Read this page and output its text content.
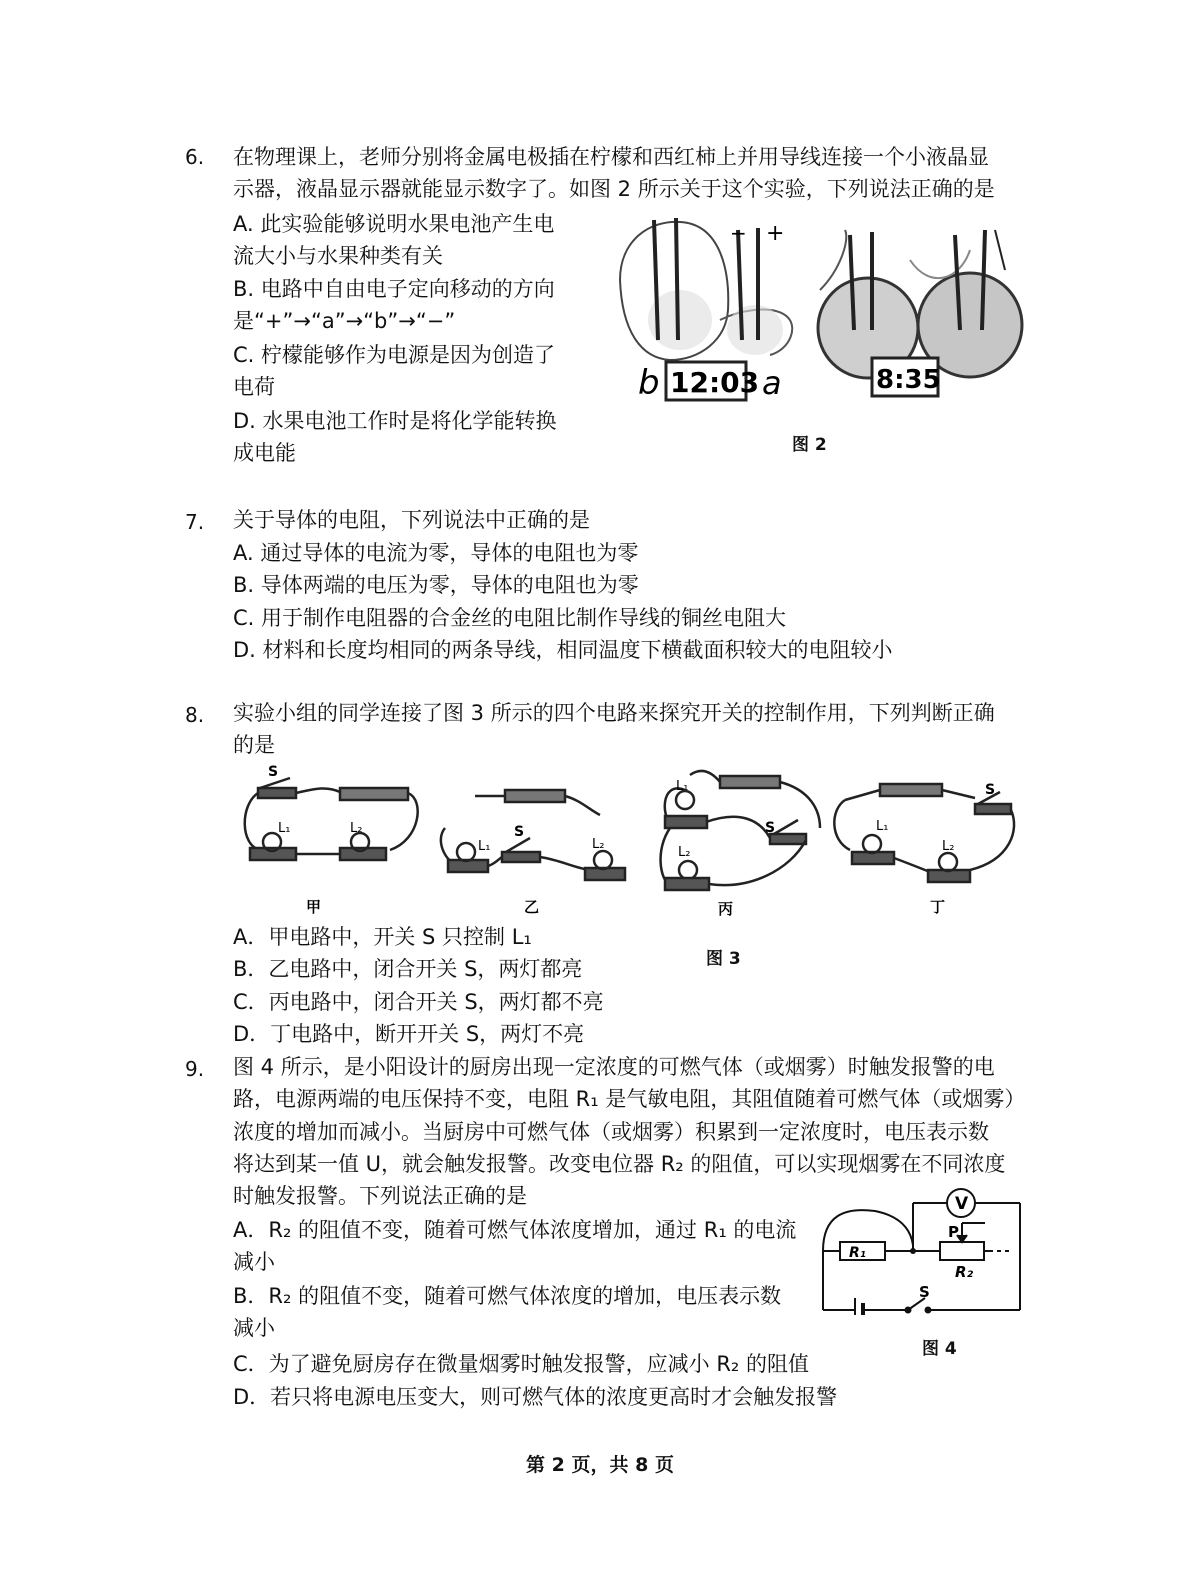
6. 在物理课上，老师分别将金属电极插在柠檬和西红柿上并用导线连接一个小液晶显
示器，液晶显示器就能显示数字了。如图 2 所示关于这个实验，下列说法正确的是
A. 此实验能够说明水果电池产生电
流大小与水果种类有关
B. 电路中自由电子定向移动的方向
是“+”→“a”→“b”→“−”
C. 柠檬能够作为电源是因为创造了
电荷
D. 水果电池工作时是将化学能转换
成电能
− +
12:03
b	a	8:35
图 2
7. 关于导体的电阻，下列说法中正确的是
A. 通过导体的电流为零，导体的电阻也为零
B. 导体两端的电压为零，导体的电阻也为零
C. 用于制作电阻器的合金丝的电阻比制作导线的铜丝电阻大
D. 材料和长度均相同的两条导线，相同温度下横截面积较大的电阻较小
8. 实验小组的同学连接了图 3 所示的四个电路来探究开关的控制作用，下列判断正确
的是
S
L₁	L₂
L₁
S
L₂
L₁
S
L₂
S
L₁
L₂
甲	乙	丙	丁
A．甲电路中，开关 S 只控制 L₁
图 3
B．乙电路中，闭合开关 S，两灯都亮
C．丙电路中，闭合开关 S，两灯都不亮
D．丁电路中，断开开关 S，两灯不亮
9. 图 4 所示，是小阳设计的厨房出现一定浓度的可燃气体（或烟雾）时触发报警的电
路，电源两端的电压保持不变，电阻 R₁ 是气敏电阻，其阻值随着可燃气体（或烟雾）
浓度的增加而减小。当厨房中可燃气体（或烟雾）积累到一定浓度时，电压表示数
将达到某一值 U，就会触发报警。改变电位器 R₂ 的阻值，可以实现烟雾在不同浓度
时触发报警。下列说法正确的是
A．R₂ 的阻值不变，随着可燃气体浓度增加，通过 R₁ 的电流
减小
B．R₂ 的阻值不变，随着可燃气体浓度的增加，电压表示数
减小
C．为了避免厨房存在微量烟雾时触发报警，应减小 R₂ 的阻值
D．若只将电源电压变大，则可燃气体的浓度更高时才会触发报警
V
R₁
P
R₂
S
图 4
第 2 页，共 8 页
